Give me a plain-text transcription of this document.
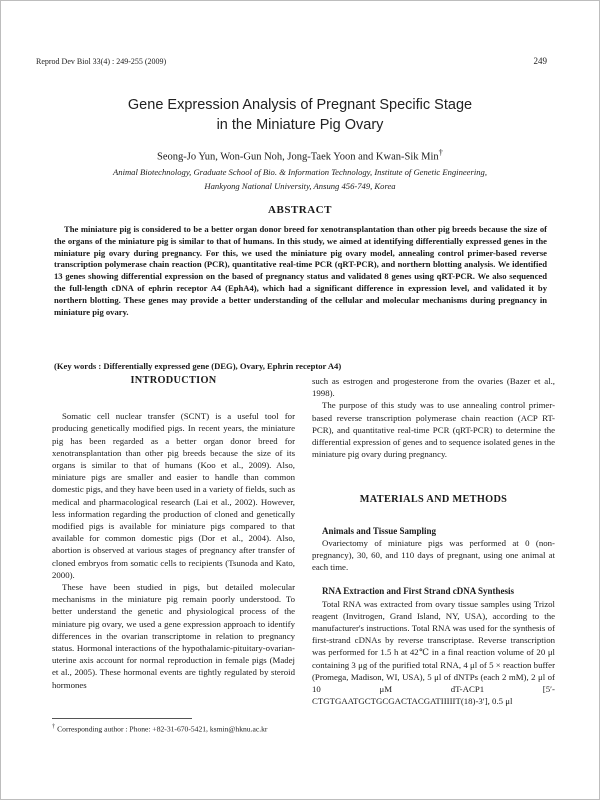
Reprod Dev Biol 33(4) : 249-255 (2009)	249
Gene Expression Analysis of Pregnant Specific Stage
in the Miniature Pig Ovary
Seong-Jo Yun, Won-Gun Noh, Jong-Taek Yoon and Kwan-Sik Min†
Animal Biotechnology, Graduate School of Bio. & Information Technology, Institute of Genetic Engineering,
Hankyong National University, Ansung 456-749, Korea
ABSTRACT

The miniature pig is considered to be a better organ donor breed for xenotransplantation than other pig breeds because the size of the organs of the miniature pig is similar to that of humans. In this study, we aimed at identifying differentially expressed genes in the miniature pig ovary during pregnancy. For this, we used the miniature pig ovary model, annealing control primer-based reverse transcription polymerase chain reaction (PCR), quantitative real-time PCR (qRT-PCR), and northern blotting analysis. We identified 13 genes showing differential expression on the based of pregnancy status and validated 8 genes using qRT-PCR. We also sequenced the full-length cDNA of ephrin receptor A4 (EphA4), which had a significant difference in expression level, and validated it by northern blotting. These genes may provide a better understanding of the cellular and molecular mechanisms during pregnancy in miniature pig ovary.

(Key words : Differentially expressed gene (DEG), Ovary, Ephrin receptor A4)
INTRODUCTION

Somatic cell nuclear transfer (SCNT) is a useful tool for producing genetically modified pigs. In recent years, the miniature pig has been regarded as a better organ donor breed for xenotransplantation than other pig breeds because the size of its organs is similar to that of humans (Koo et al., 2009). Also, miniature pigs are smaller and easier to handle than common domestic pigs, and they have been used in a variety of fields, such as medical and pharmacological research (Lai et al., 2002). However, less information regarding the production of cloned and genetically modified pigs is available for miniature pigs compared to that available for common domestic pigs (Dor et al., 2004). Also, abortion is observed at various stages of pregnancy after transfer of cloned embryos from somatic cells to recipients (Tsunoda and Kato, 2000).

These have been studied in pigs, but detailed molecular mechanisms in the miniature pig remain poorly understood. To better understand the genetic and physiological process of the miniature pig ovary, we used a gene expression approach to identify differences in the ovarian transcriptome in relation to pregnancy status. Hormonal interactions of the hypothalamic-pituitary-ovarian-uterine axis account for normal reproduction in female pigs (Madej et al., 2005). These hormonal events are tightly regulated by steroid hormones

such as estrogen and progesterone from the ovaries (Bazer et al., 1998).

The purpose of this study was to use annealing control primer-based reverse transcription polymerase chain reaction (ACP RT-PCR), and quantitative real-time PCR (qRT-PCR) to determine the differential expression of genes and to sequence isolated genes in the miniature pig ovary during pregnancy.

MATERIALS AND METHODS

Animals and Tissue Sampling

Ovariectomy of miniature pigs was performed at 0 (non-pregnancy), 30, 60, and 110 days of pregnant, using one animal at each time.

RNA Extraction and First Strand cDNA Synthesis

Total RNA was extracted from ovary tissue samples using Trizol reagent (Invitrogen, Grand Island, NY, USA), according to the manufacturer's instructions. Total RNA was used for the synthesis of first-strand cDNAs by reverse transcriptase. Reverse transcription was performed for 1.5 h at 42℃ in a final reaction volume of 20 μl containing 3 μg of the purified total RNA, 4 μl of 5 × reaction buffer (Promega, Madison, WI, USA), 5 μl of dNTPs (each 2 mM), 2 μl of 10 μM dT-ACP1 [5′-CTGTGAATGCTGCGACTACGATIIIIIT(18)-3′], 0.5 μl

† Corresponding author : Phone: +82-31-670-5421, ksmin@hknu.ac.kr
